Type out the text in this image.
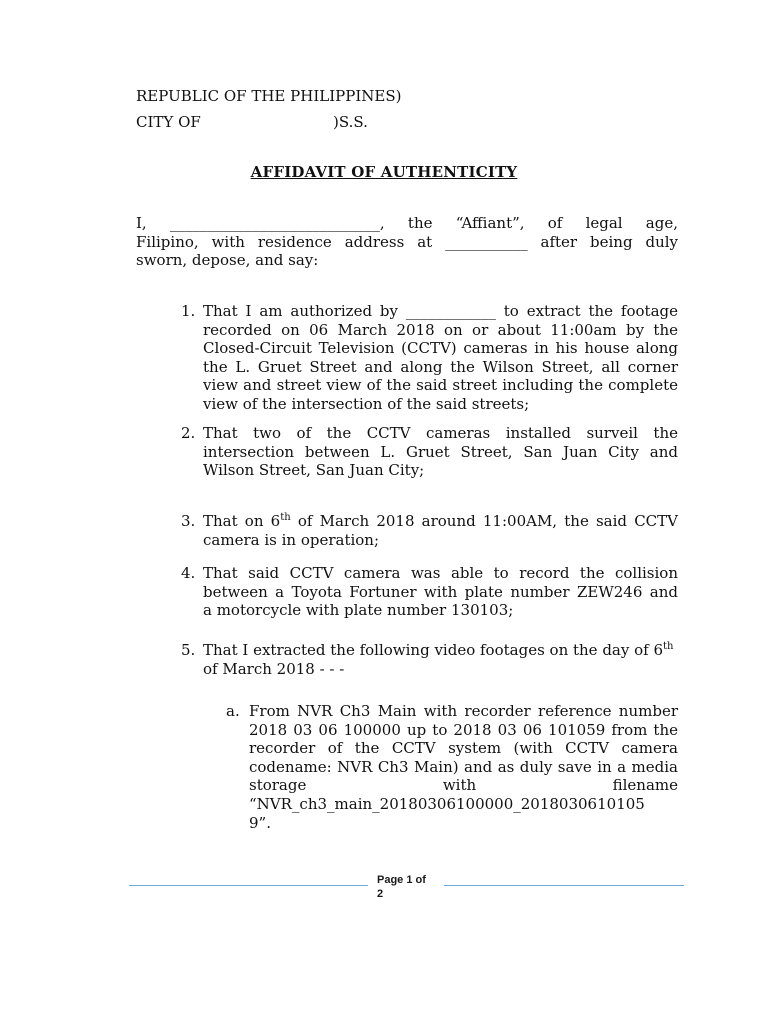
REPUBLIC OF THE PHILIPPINES)
CITY OF	)S.S.
AFFIDAVIT OF AUTHENTICITY
I, ____________________________, the “Affiant”, of legal age,
Filipino, with residence address at ___________ after being duly
sworn, depose, and say:
1. That I am authorized by ____________ to extract the footage
recorded on 06 March 2018 on or about 11:00am by the
Closed-Circuit Television (CCTV) cameras in his house along
the L. Gruet Street and along the Wilson Street, all corner
view and street view of the said street including the complete
view of the intersection of the said streets;
2. That two of the CCTV cameras installed surveil the
intersection between L. Gruet Street, San Juan City and
Wilson Street, San Juan City;
3. That on 6th of March 2018 around 11:00AM, the said CCTV
camera is in operation;
4. That said CCTV camera was able to record the collision
between a Toyota Fortuner with plate number ZEW246 and
a motorcycle with plate number 130103;
5. That I extracted the following video footages on the day of 6th
of March 2018 - - -
a. From NVR Ch3 Main with recorder reference number
2018 03 06 100000 up to 2018 03 06 101059 from the
recorder of the CCTV system (with CCTV camera
codename: NVR Ch3 Main) and as duly save in a media
storage with filename
“NVR_ch3_main_20180306100000_2018030610105
9”.
Page 1 of
2
